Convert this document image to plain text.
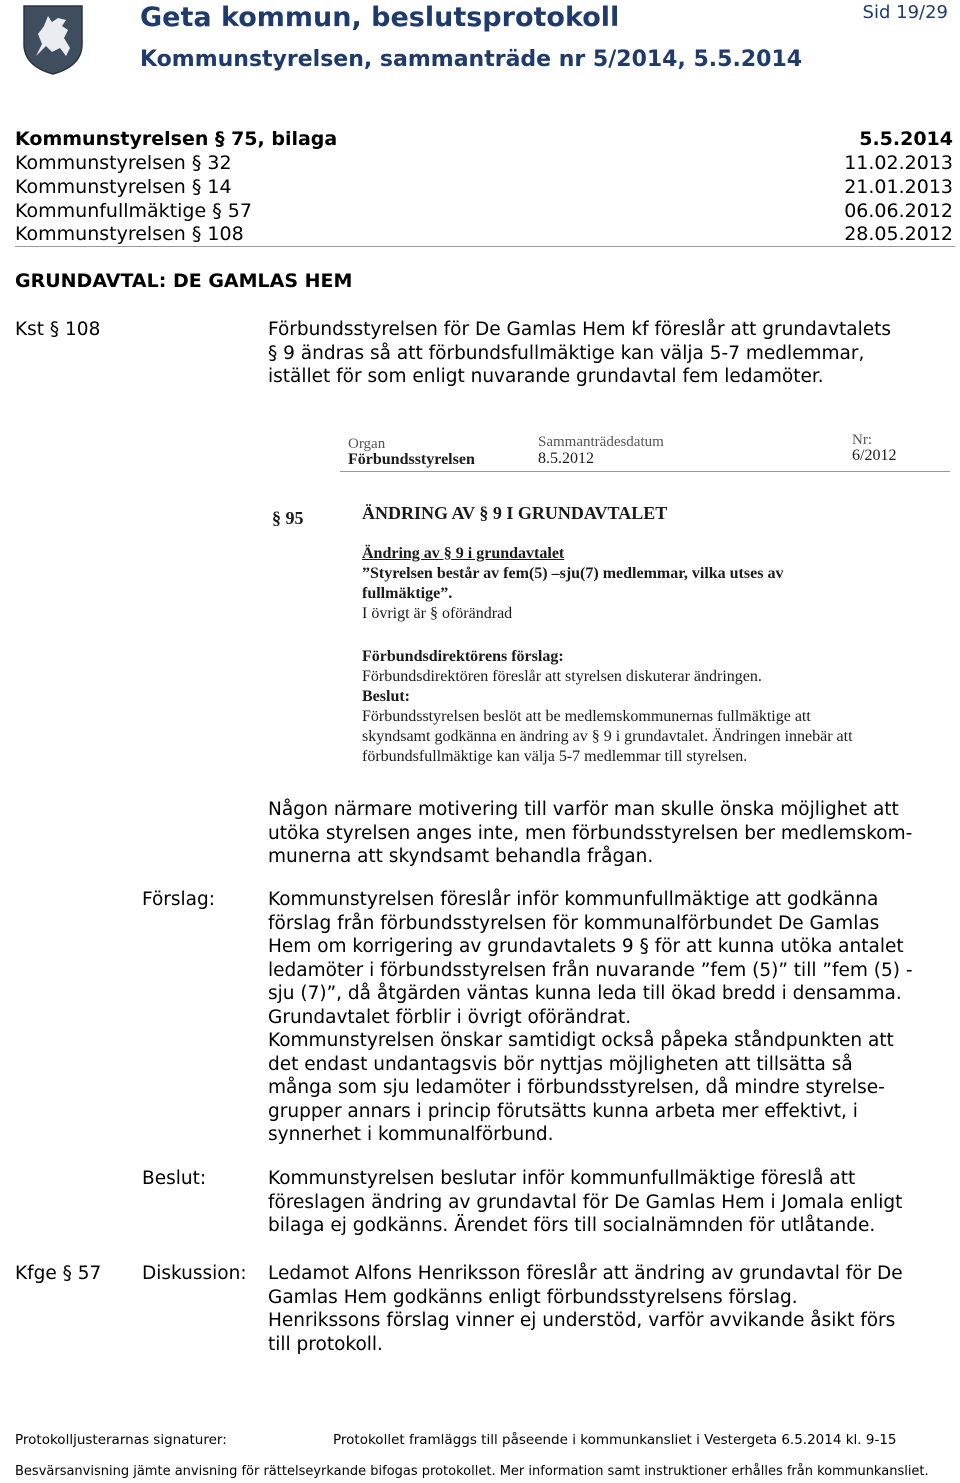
Geta kommun, beslutsprotokoll
Kommunstyrelsen, sammanträde nr 5/2014, 5.5.2014
Sid 19/29
Kommunstyrelsen § 75, bilaga	5.5.2014
Kommunstyrelsen § 32	11.02.2013
Kommunstyrelsen § 14	21.01.2013
Kommunfullmäktige § 57	06.06.2012
Kommunstyrelsen § 108	28.05.2012
GRUNDAVTAL: DE GAMLAS HEM
Kst § 108	Förbundsstyrelsen för De Gamlas Hem kf föreslår att grundavtalets
§ 9 ändras så att förbundsfullmäktige kan välja 5-7 medlemmar,
istället för som enligt nuvarande grundavtal fem ledamöter.
Organ
Förbundsstyrelsen
Sammanträdesdatum
8.5.2012
Nr:
6/2012
§ 95	ÄNDRING AV § 9 I GRUNDAVTALET
Ändring av § 9 i grundavtalet
”Styrelsen består av fem(5) –sju(7) medlemmar, vilka utses av
fullmäktige”.
I övrigt är § oförändrad
Förbundsdirektörens förslag:
Förbundsdirektören föreslår att styrelsen diskuterar ändringen.
Beslut:
Förbundsstyrelsen beslöt att be medlemskommunernas fullmäktige att
skyndsamt godkänna en ändring av § 9 i grundavtalet. Ändringen innebär att
förbundsfullmäktige kan välja 5-7 medlemmar till styrelsen.
Någon närmare motivering till varför man skulle önska möjlighet att
utöka styrelsen anges inte, men förbundsstyrelsen ber medlemskom-
munerna att skyndsamt behandla frågan.
Förslag:	Kommunstyrelsen föreslår inför kommunfullmäktige att godkänna
förslag från förbundsstyrelsen för kommunalförbundet De Gamlas
Hem om korrigering av grundavtalets 9 § för att kunna utöka antalet
ledamöter i förbundsstyrelsen från nuvarande ”fem (5)” till ”fem (5) -
sju (7)”, då åtgärden väntas kunna leda till ökad bredd i densamma.
Grundavtalet förblir i övrigt oförändrat.
Kommunstyrelsen önskar samtidigt också påpeka ståndpunkten att
det endast undantagsvis bör nyttjas möjligheten att tillsätta så
många som sju ledamöter i förbundsstyrelsen, då mindre styrelse-
grupper annars i princip förutsätts kunna arbeta mer effektivt, i
synnerhet i kommunalförbund.
Beslut:	Kommunstyrelsen beslutar inför kommunfullmäktige föreslå att
föreslagen ändring av grundavtal för De Gamlas Hem i Jomala enligt
bilaga ej godkänns. Ärendet förs till socialnämnden för utlåtande.
Kfge § 57 Diskussion: Ledamot Alfons Henriksson föreslår att ändring av grundavtal för De
Gamlas Hem godkänns enligt förbundsstyrelsens förslag.
Henrikssons förslag vinner ej understöd, varför avvikande åsikt förs
till protokoll.
Protokolljusterarnas signaturer:	Protokollet framläggs till påseende i kommunkansliet i Vestergeta 6.5.2014 kl. 9-15
Besvärsanvisning jämte anvisning för rättelseyrkande bifogas protokollet. Mer information samt instruktioner erhålles från kommunkansliet.
